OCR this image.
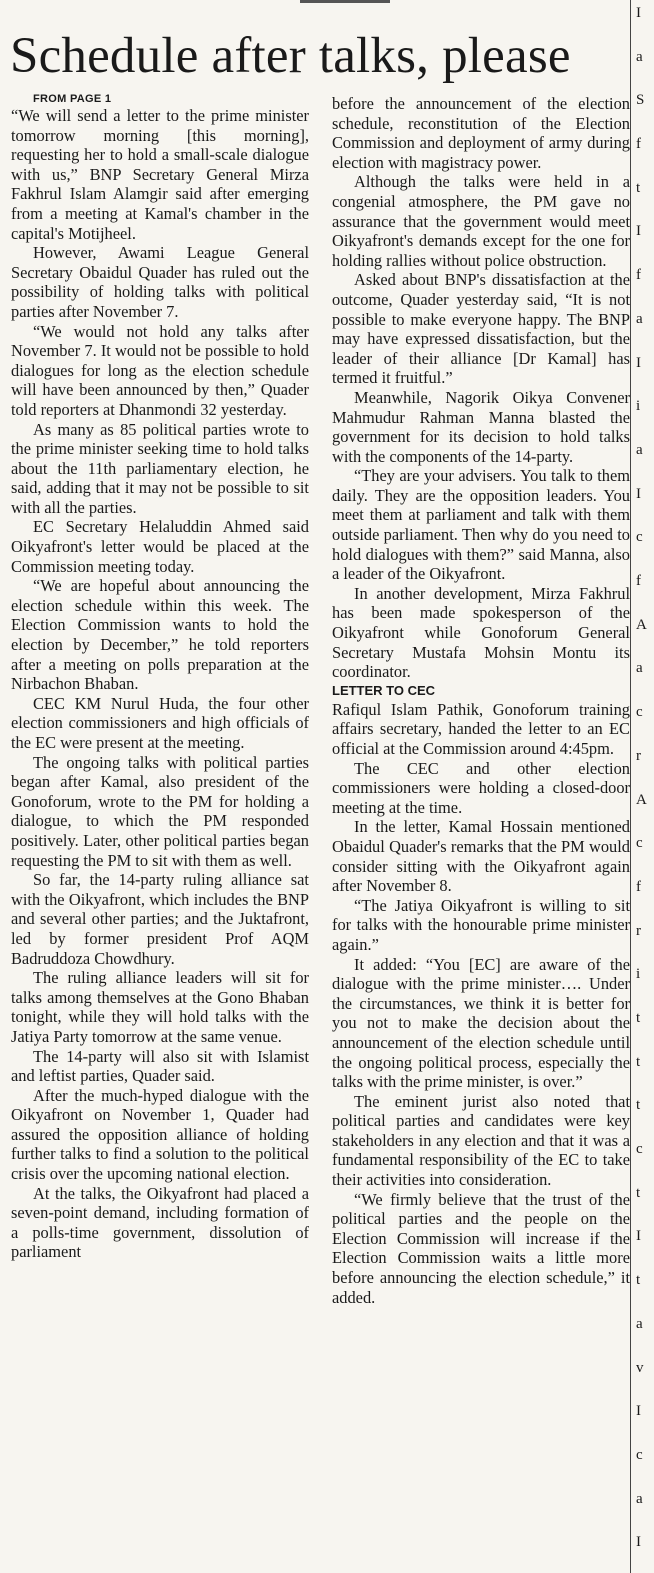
Schedule after talks, please

FROM PAGE 1

“We will send a letter to the prime minister tomorrow morning [this morning], requesting her to hold a small-scale dialogue with us,” BNP Secretary General Mirza Fakhrul Islam Alamgir said after emerging from a meeting at Kamal's chamber in the capital's Motijheel.

However, Awami League General Secretary Obaidul Quader has ruled out the possibility of holding talks with political parties after November 7.

“We would not hold any talks after November 7. It would not be possible to hold dialogues for long as the election schedule will have been announced by then,” Quader told reporters at Dhanmondi 32 yesterday.

As many as 85 political parties wrote to the prime minister seeking time to hold talks about the 11th parliamentary election, he said, adding that it may not be possible to sit with all the parties.

EC Secretary Helaluddin Ahmed said Oikyafront's letter would be placed at the Commission meeting today.

“We are hopeful about announcing the election schedule within this week. The Election Commission wants to hold the election by December,” he told reporters after a meeting on polls preparation at the Nirbachon Bhaban.

CEC KM Nurul Huda, the four other election commissioners and high officials of the EC were present at the meeting.

The ongoing talks with political parties began after Kamal, also president of the Gonoforum, wrote to the PM for holding a dialogue, to which the PM responded positively. Later, other political parties began requesting the PM to sit with them as well.

So far, the 14-party ruling alliance sat with the Oikyafront, which includes the BNP and several other parties; and the Juktafront, led by former president Prof AQM Badruddoza Chowdhury.

The ruling alliance leaders will sit for talks among themselves at the Gono Bhaban tonight, while they will hold talks with the Jatiya Party tomorrow at the same venue.

The 14-party will also sit with Islamist and leftist parties, Quader said.

After the much-hyped dialogue with the Oikyafront on November 1, Quader had assured the opposition alliance of holding further talks to find a solution to the political crisis over the upcoming national election.

At the talks, the Oikyafront had placed a seven-point demand, including formation of a polls-time government, dissolution of parliament

before the announcement of the election schedule, reconstitution of the Election Commission and deployment of army during election with magistracy power.

Although the talks were held in a congenial atmosphere, the PM gave no assurance that the government would meet Oikyafront's demands except for the one for holding rallies without police obstruction.

Asked about BNP's dissatisfaction at the outcome, Quader yesterday said, “It is not possible to make everyone happy. The BNP may have expressed dissatisfaction, but the leader of their alliance [Dr Kamal] has termed it fruitful.”

Meanwhile, Nagorik Oikya Convener Mahmudur Rahman Manna blasted the government for its decision to hold talks with the components of the 14-party.

“They are your advisers. You talk to them daily. They are the opposition leaders. You meet them at parliament and talk with them outside parliament. Then why do you need to hold dialogues with them?” said Manna, also a leader of the Oikyafront.

In another development, Mirza Fakhrul has been made spokesperson of the Oikyafront while Gonoforum General Secretary Mustafa Mohsin Montu its coordinator.

LETTER TO CEC

Rafiqul Islam Pathik, Gonoforum training affairs secretary, handed the letter to an EC official at the Commission around 4:45pm.

The CEC and other election commissioners were holding a closed-door meeting at the time.

In the letter, Kamal Hossain mentioned Obaidul Quader's remarks that the PM would consider sitting with the Oikyafront again after November 8.

“The Jatiya Oikyafront is willing to sit for talks with the honourable prime minister again.”

It added: “You [EC] are aware of the dialogue with the prime minister…. Under the circumstances, we think it is better for you not to make the decision about the announcement of the election schedule until the ongoing political process, especially the talks with the prime minister, is over.”

The eminent jurist also noted that political parties and candidates were key stakeholders in any election and that it was a fundamental responsibility of the EC to take their activities into consideration.

“We firmly believe that the trust of the political parties and the people on the Election Commission will increase if the Election Commission waits a little more before announcing the election schedule,” it added.

I
a
S
f
t
I
f
a
I
i
a
I
c
f
A
a
c
r
A
c
f
r
i
t
t
t
c
t
I
t
a
v
I
c
a
I
